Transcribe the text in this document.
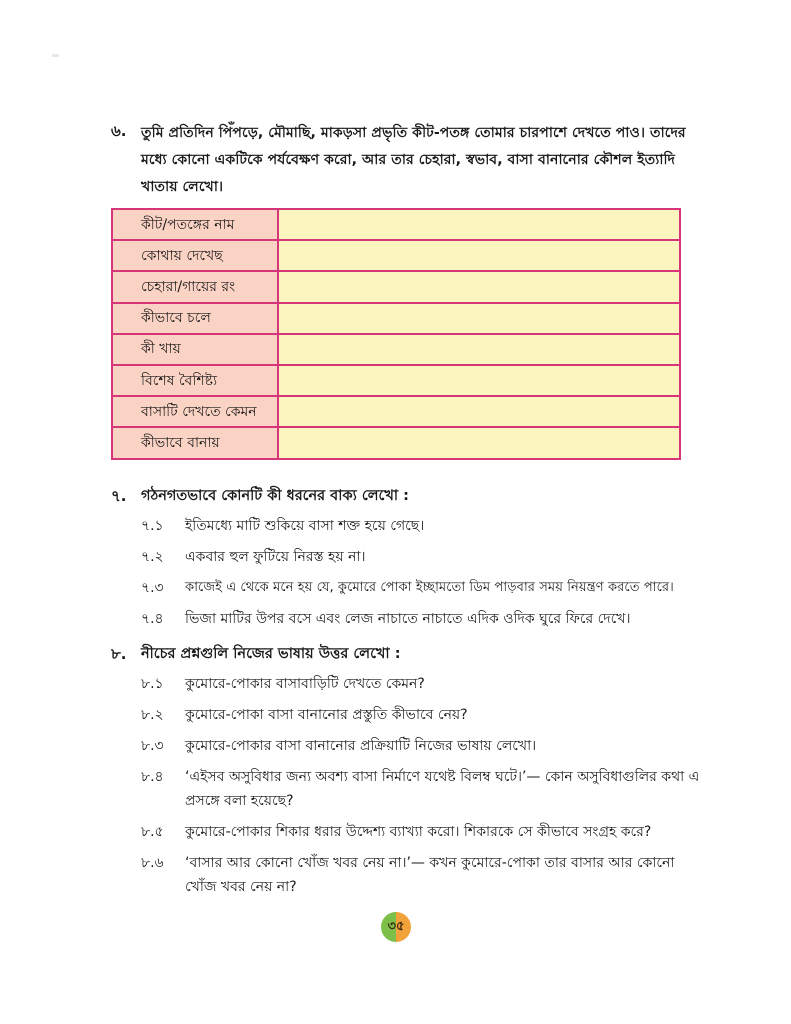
৬. তুমি প্রতিদিন পিঁপড়ে, মৌমাছি, মাকড়সা প্রভৃতি কীট-পতঙ্গ তোমার চারপাশে দেখতে পাও। তাদের মধ্যে কোনো একটিকে পর্যবেক্ষণ করো, আর তার চেহারা, স্বভাব, বাসা বানানোর কৌশল ইত্যাদি খাতায় লেখো।
কীট/পতঙ্গের নাম	
কোথায় দেখেছ	
চেহারা/গায়ের রং	
কীভাবে চলে	
কী খায়	
বিশেষ বৈশিষ্ট্য	
বাসাটি দেখতে কেমন	
কীভাবে বানায়	
৭.	গঠনগতভাবে কোনটি কী ধরনের বাক্য লেখো :
৭.১	ইতিমধ্যে মাটি শুকিয়ে বাসা শক্ত হয়ে গেছে।
৭.২	একবার হুল ফুটিয়ে নিরস্ত হয় না।
৭.৩	কাজেই এ থেকে মনে হয় যে, কুমোরে পোকা ইচ্ছামতো ডিম পাড়বার সময় নিয়ন্ত্রণ করতে পারে।
৭.৪	ভিজা মাটির উপর বসে এবং লেজ নাচাতে নাচাতে এদিক ওদিক ঘুরে ফিরে দেখে।
৮.	নীচের প্রশ্নগুলি নিজের ভাষায় উত্তর লেখো :
৮.১	কুমোরে-পোকার বাসাবাড়িটি দেখতে কেমন?
৮.২	কুমোরে-পোকা বাসা বানানোর প্রস্তুতি কীভাবে নেয়?
৮.৩	কুমোরে-পোকার বাসা বানানোর প্রক্রিয়াটি নিজের ভাষায় লেখো।
৮.৪	‘এইসব অসুবিধার জন্য অবশ্য বাসা নির্মাণে যথেষ্ট বিলম্ব ঘটে।’— কোন অসুবিধাগুলির কথা এ প্রসঙ্গে বলা হয়েছে?
৮.৫	কুমোরে-পোকার শিকার ধরার উদ্দেশ্য ব্যাখ্যা করো। শিকারকে সে কীভাবে সংগ্রহ করে?
৮.৬	‘বাসার আর কোনো খোঁজ খবর নেয় না।’— কখন কুমোরে-পোকা তার বাসার আর কোনো খোঁজ খবর নেয় না?
৩৫
